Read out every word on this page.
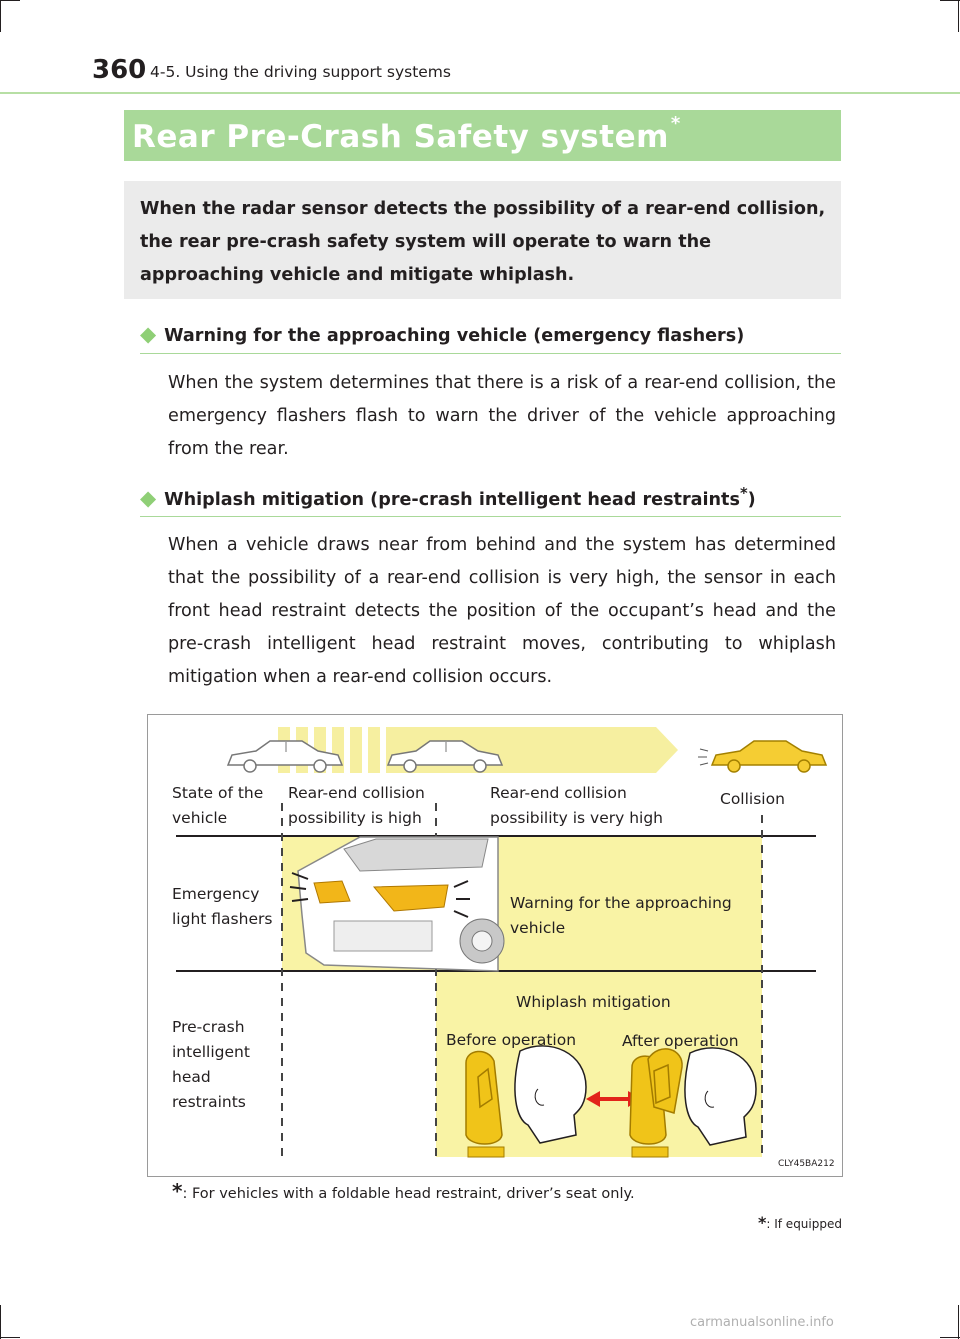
360 4-5. Using the driving support systems
Rear Pre-Crash Safety system *
When the radar sensor detects the possibility of a rear-end collision, the rear pre-crash safety system will operate to warn the approaching vehicle and mitigate whiplash.
◆ Warning for the approaching vehicle (emergency flashers)
When the system determines that there is a risk of a rear-end collision, the emergency flashers flash to warn the driver of the vehicle approaching from the rear.
◆ Whiplash mitigation (pre-crash intelligent head restraints*)
When a vehicle draws near from behind and the system has determined that the possibility of a rear-end collision is very high, the sensor in each front head restraint detects the position of the occupant’s head and the pre-crash intelligent head restraint moves, contributing to whiplash mitigation when a rear-end collision occurs.
State of the vehicle
Rear-end collision possibility is high
Rear-end collision possibility is very high
Collision
Emergency light flashers
Warning for the approaching vehicle
Pre-crash intelligent head restraints
Whiplash mitigation
Before operation	After operation
CLY45BA212
*: For vehicles with a foldable head restraint, driver’s seat only.
*: If equipped
carmanualsonline.info
